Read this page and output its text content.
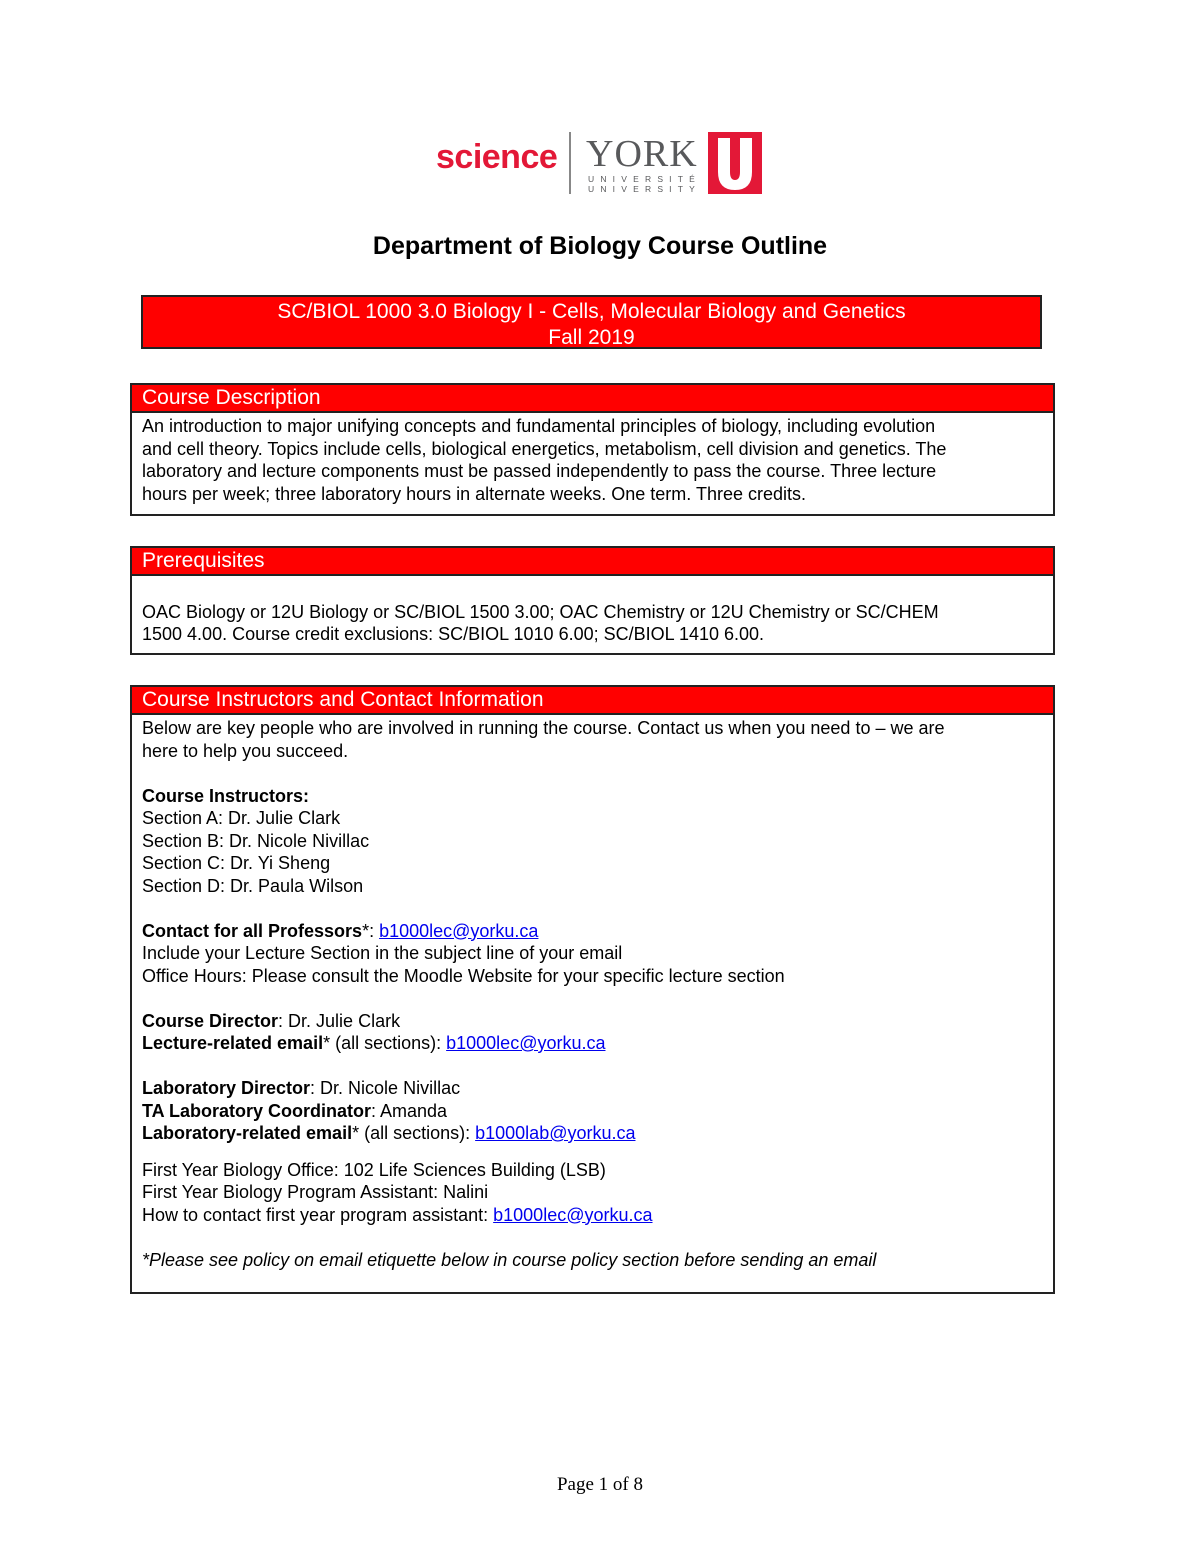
science YORK
UNIVERSITÉ
UNIVERSITY
Department of Biology Course Outline
SC/BIOL 1000 3.0 Biology I - Cells, Molecular Biology and Genetics
Fall 2019
Course Description
An introduction to major unifying concepts and fundamental principles of biology, including evolution
and cell theory. Topics include cells, biological energetics, metabolism, cell division and genetics. The
laboratory and lecture components must be passed independently to pass the course. Three lecture
hours per week; three laboratory hours in alternate weeks. One term. Three credits.
Prerequisites
OAC Biology or 12U Biology or SC/BIOL 1500 3.00; OAC Chemistry or 12U Chemistry or SC/CHEM
1500 4.00. Course credit exclusions: SC/BIOL 1010 6.00; SC/BIOL 1410 6.00.
Course Instructors and Contact Information
Below are key people who are involved in running the course. Contact us when you need to – we are
here to help you succeed.
Course Instructors:
Section A: Dr. Julie Clark
Section B: Dr. Nicole Nivillac
Section C: Dr. Yi Sheng
Section D: Dr. Paula Wilson
Contact for all Professors*: b1000lec@yorku.ca
Include your Lecture Section in the subject line of your email
Office Hours: Please consult the Moodle Website for your specific lecture section
Course Director: Dr. Julie Clark
Lecture-related email* (all sections): b1000lec@yorku.ca
Laboratory Director: Dr. Nicole Nivillac
TA Laboratory Coordinator: Amanda
Laboratory-related email* (all sections): b1000lab@yorku.ca
First Year Biology Office: 102 Life Sciences Building (LSB)
First Year Biology Program Assistant: Nalini
How to contact first year program assistant: b1000lec@yorku.ca
*Please see policy on email etiquette below in course policy section before sending an email
Page 1 of 8
